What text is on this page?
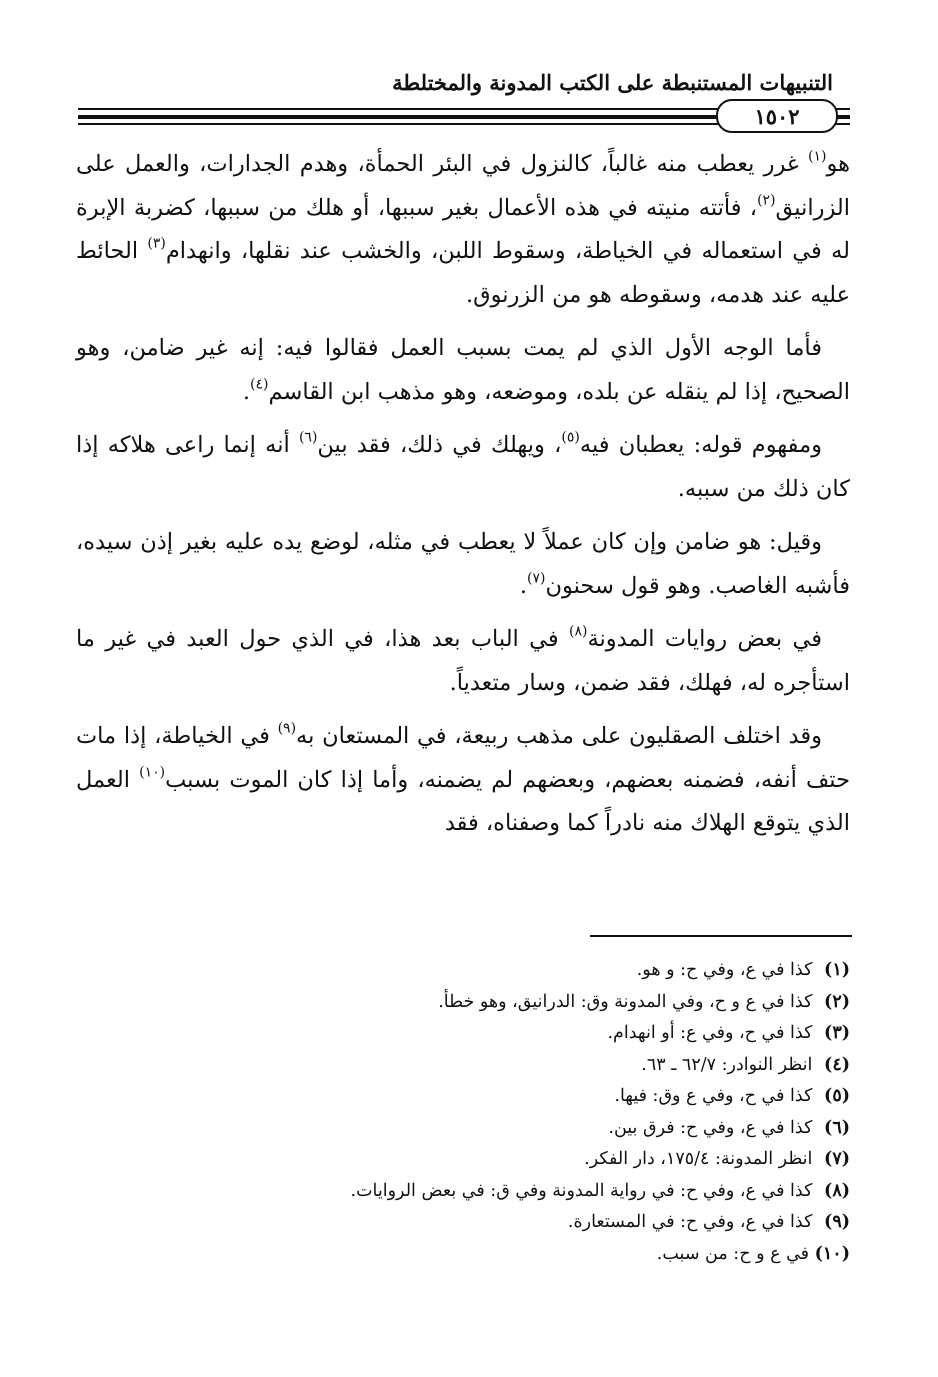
التنبيهات المستنبطة على الكتب المدونة والمختلطة
١٥٠٢

هو$^{(١)}$ غرر يعطب منه غالباً، كالنزول في البئر الحمأة، وهدم الجدارات، والعمل على الزرانيق$^{(٢)}$، فأتته منيته في هذه الأعمال بغير سببها، أو هلك من سببها، كضربة الإبرة له في استعماله في الخياطة، وسقوط اللبن، والخشب عند نقلها، وانهدام$^{(٣)}$ الحائط عليه عند هدمه، وسقوطه هو من الزرنوق.

فأما الوجه الأول الذي لم يمت بسبب العمل فقالوا فيه: إنه غير ضامن، وهو الصحيح، إذا لم ينقله عن بلده، وموضعه، وهو مذهب ابن القاسم$^{(٤)}$.

ومفهوم قوله: يعطبان فيه$^{(٥)}$، ويهلك في ذلك، فقد بين$^{(٦)}$ أنه إنما راعى هلاكه إذا كان ذلك من سببه.

وقيل: هو ضامن وإن كان عملاً لا يعطب في مثله، لوضع يده عليه بغير إذن سيده، فأشبه الغاصب. وهو قول سحنون$^{(٧)}$.

في بعض روايات المدونة$^{(٨)}$ في الباب بعد هذا، في الذي حول العبد في غير ما استأجره له، فهلك، فقد ضمن، وسار متعدياً.

وقد اختلف الصقليون على مذهب ربيعة، في المستعان به$^{(٩)}$ في الخياطة، إذا مات حتف أنفه، فضمنه بعضهم، وبعضهم لم يضمنه، وأما إذا كان الموت بسبب$^{(١٠)}$ العمل الذي يتوقع الهلاك منه نادراً كما وصفناه، فقد

(١) كذا في ع، وفي ح: و هو.
(٢) كذا في ع و ح، وفي المدونة وق: الدرانيق، وهو خطأ.
(٣) كذا في ح، وفي ع: أو انهدام.
(٤) انظر النوادر: ٦٢/٧ ـ ٦٣.
(٥) كذا في ح، وفي ع وق: فيها.
(٦) كذا في ع، وفي ح: فرق بين.
(٧) انظر المدونة: ١٧٥/٤، دار الفكر.
(٨) كذا في ع، وفي ح: في رواية المدونة وفي ق: في بعض الروايات.
(٩) كذا في ع، وفي ح: في المستعارة.
(١٠) في ع و ح: من سبب.
